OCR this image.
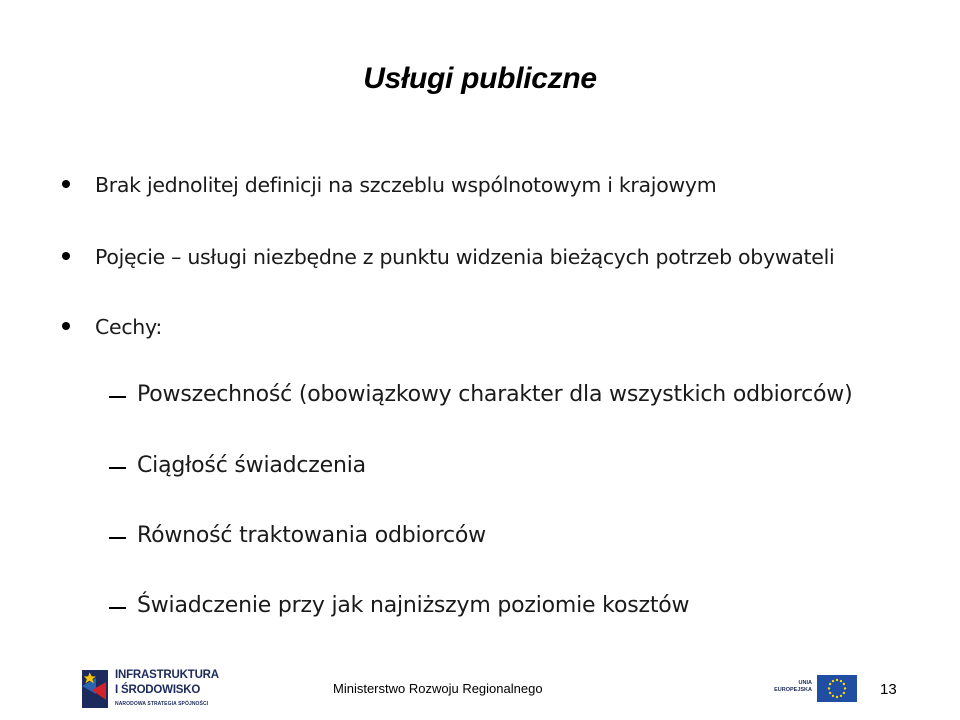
Usługi publiczne
Brak jednolitej definicji na szczeblu wspólnotowym i krajowym
Pojęcie – usługi niezbędne z punktu widzenia bieżących potrzeb obywateli
Cechy:
Powszechność (obowiązkowy charakter dla wszystkich odbiorców)
Ciągłość świadczenia
Równość traktowania odbiorców
Świadczenie przy jak najniższym poziomie kosztów
INFRASTRUKTURA
I ŚRODOWISKO
NARODOWA STRATEGIA SPÓJNOŚCI
Ministerstwo Rozwoju Regionalnego	UNIA
EUROPEJSKA	13
